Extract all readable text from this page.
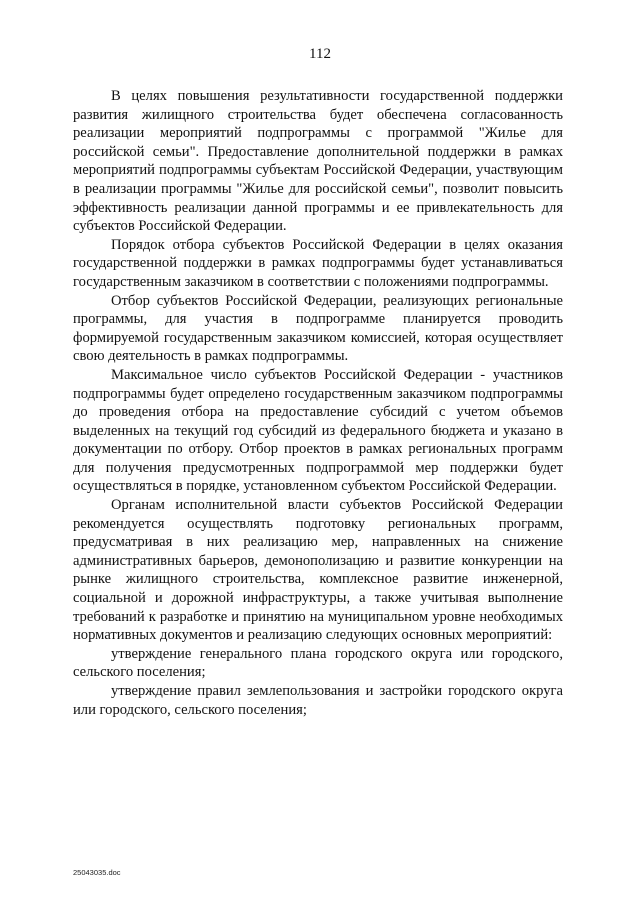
112

В целях повышения результативности государственной поддержки развития жилищного строительства будет обеспечена согласованность реализации мероприятий подпрограммы с программой "Жилье для российской семьи". Предоставление дополнительной поддержки в рамках мероприятий подпрограммы субъектам Российской Федерации, участвующим в реализации программы "Жилье для российской семьи", позволит повысить эффективность реализации данной программы и ее привлекательность для субъектов Российской Федерации.

Порядок отбора субъектов Российской Федерации в целях оказания государственной поддержки в рамках подпрограммы будет устанавливаться государственным заказчиком в соответствии с положениями подпрограммы.

Отбор субъектов Российской Федерации, реализующих региональные программы, для участия в подпрограмме планируется проводить формируемой государственным заказчиком комиссией, которая осуществляет свою деятельность в рамках подпрограммы.

Максимальное число субъектов Российской Федерации - участников подпрограммы будет определено государственным заказчиком подпрограммы до проведения отбора на предоставление субсидий с учетом объемов выделенных на текущий год субсидий из федерального бюджета и указано в документации по отбору. Отбор проектов в рамках региональных программ для получения предусмотренных подпрограммой мер поддержки будет осуществляться в порядке, установленном субъектом Российской Федерации.

Органам исполнительной власти субъектов Российской Федерации рекомендуется осуществлять подготовку региональных программ, предусматривая в них реализацию мер, направленных на снижение административных барьеров, демонополизацию и развитие конкуренции на рынке жилищного строительства, комплексное развитие инженерной, социальной и дорожной инфраструктуры, а также учитывая выполнение требований к разработке и принятию на муниципальном уровне необходимых нормативных документов и реализацию следующих основных мероприятий:

утверждение генерального плана городского округа или городского, сельского поселения;

утверждение правил землепользования и застройки городского округа или городского, сельского поселения;

25043035.doc
